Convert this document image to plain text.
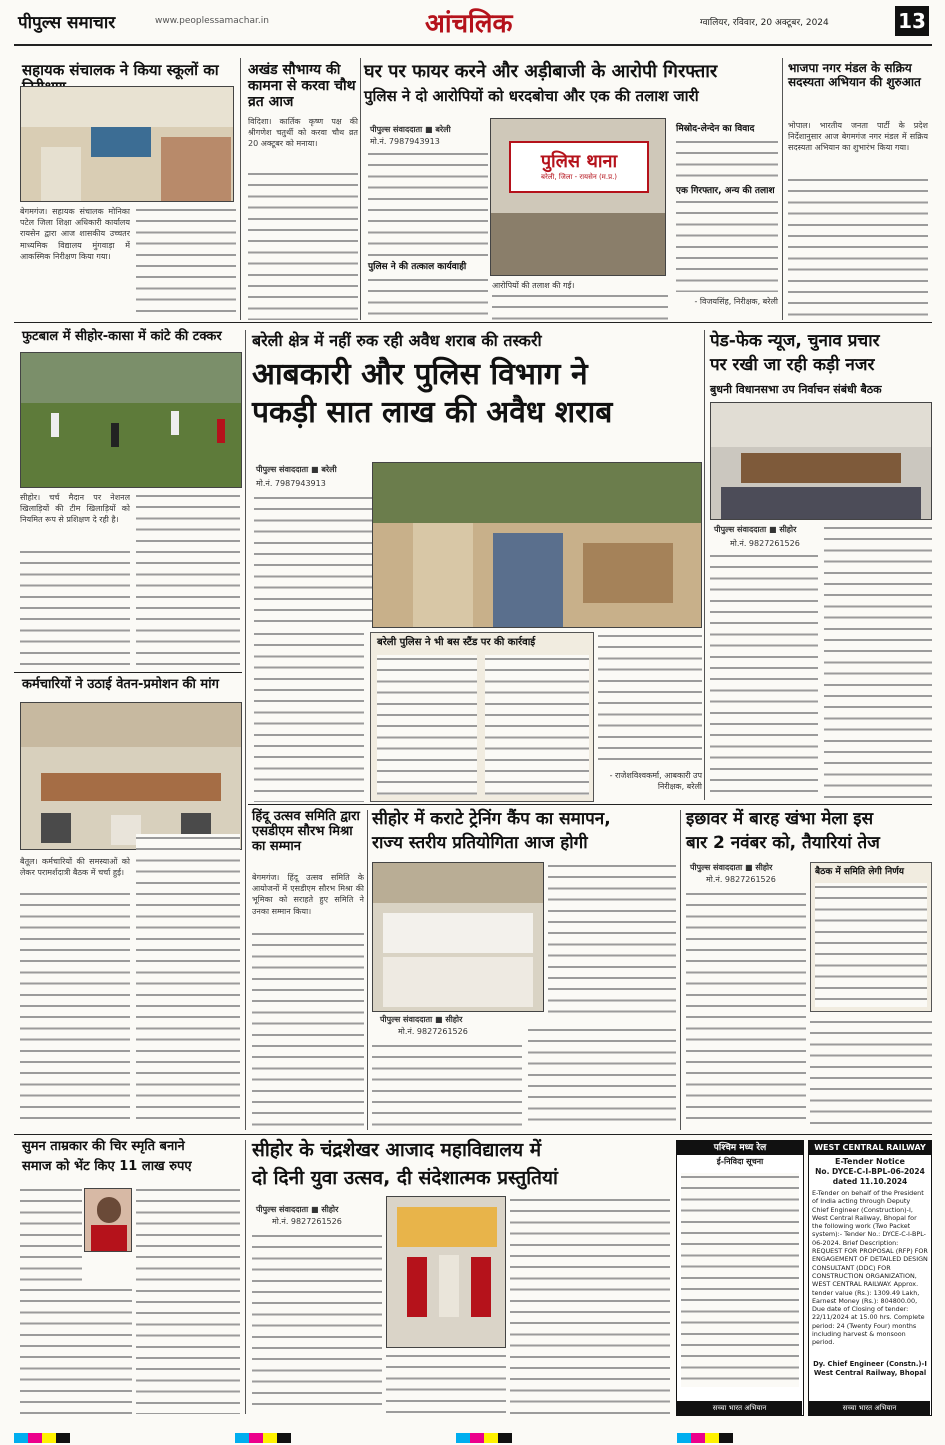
पीपुल्स समाचार	www.peoplessamachar.in	आंचलिक	ग्वालियर, रविवार, 20 अक्टूबर, 2024	13
सहायक संचालक ने किया स्कूलों का
बेगमगंज। सहायक संचालक मोनिका पटेल जिला शिक्षा अधिकारी कार्यालय रायसेन द्वारा आज शासकीय उच्चतर माध्यमिक विद्यालय मुंगवाड़ा में आकस्मिक निरीक्षण किया गया।
अखंड सौभाग्य की कामना से करवा चौथ व्रत आज
विदिशा। कार्तिक कृष्ण पक्ष की श्रीगणेश चतुर्थी को करवा चौथ व्रत 20 अक्टूबर को मनाया।
घर पर फायर करने और अड़ीबाजी के आरोपी गिरफ्तार
पुलिस ने दो आरोपियों को धरदबोचा और एक की तलाश जारी
पीपुल्स संवाददाता ■ बरेली
मो.नं. 7987943913
पुलिस ने की तत्काल कार्यवाही
पुलिस थाना
बरेली, जिला - रायसेन (म.प्र.)
आरोपियों की तलाश की गई।
मिस्रोद-लेन्देन का विवाद
एक गिरफ्तार, अन्य की तलाश
- विजयसिंह, निरीक्षक, बरेली
भाजपा नगर मंडल के सक्रिय सदस्यता अभियान की शुरुआत
भोपाल। भारतीय जनता पार्टी के प्रदेश निर्देशानुसार आज बेगमगंज नगर मंडल में सक्रिय सदस्यता अभियान का शुभारंभ किया गया।
फुटबाल में सीहोर-कासा में कांटे की टक्कर
सीहोर। चर्च मैदान पर नेशनल खिलाड़ियों की टीम खिलाड़ियों को नियमित रूप से प्रशिक्षण दे रही है।
कर्मचारियों ने उठाई वेतन-प्रमोशन की मांग
बैतूल। कर्मचारियों की समस्याओं को लेकर परामर्शदात्री बैठक में चर्चा हुई।
बरेली क्षेत्र में नहीं रुक रही अवैध शराब की तस्करी
आबकारी और पुलिस विभाग ने
पकड़ी सात लाख की अवैध शराब
पीपुल्स संवाददाता ■ बरेली
मो.नं. 7987943913
बरेली पुलिस ने भी बस स्टैंड पर की कार्रवाई
- राजेशविश्वकर्मा, आबकारी उप निरीक्षक, बरेली
पेड-फेक न्यूज, चुनाव प्रचार
पर रखी जा रही कड़ी नजर
बुधनी विधानसभा उप निर्वाचन संबंधी बैठक
पीपुल्स संवाददाता ■ सीहोर
मो.नं. 9827261526
हिंदू उत्सव समिति द्वारा एसडीएम सौरभ मिश्रा का सम्मान
बेगमगंज। हिंदू उत्सव समिति के आयोजनों में एसडीएम सौरभ मिश्रा की भूमिका को सराहते हुए समिति ने उनका सम्मान किया।
सीहोर में कराटे ट्रेनिंग कैंप का समापन,
राज्य स्तरीय प्रतियोगिता आज होगी
पीपुल्स संवाददाता ■ सीहोर
मो.नं. 9827261526
इछावर में बारह खंभा मेला इस
बार 2 नवंबर को, तैयारियां तेज
पीपुल्स संवाददाता ■ सीहोर
मो.नं. 9827261526
बैठक में समिति लेगी निर्णय
सुमन ताम्रकार की चिर स्मृति बनाने
समाज को भेंट किए 11 लाख रुपए
सीहोर के चंद्रशेखर आजाद महाविद्यालय में
दो दिनी युवा उत्सव, दी संदेशात्मक प्रस्तुतियां
पीपुल्स संवाददाता ■ सीहोर
मो.नं. 9827261526
पश्चिम मध्य रेल
ई-निविदा सूचना
सच्चा भारत अभियान
WEST CENTRAL RAILWAY
E-Tender Notice
No. DYCE-C-I-BPL-06-2024 dated 11.10.2024
E-Tender on behalf of the President of India acting through Deputy Chief Engineer (Construction)-I, West Central Railway, Bhopal for the following work (Two Packet system):- Tender No.: DYCE-C-I-BPL-06-2024. Brief Description: REQUEST FOR PROPOSAL (RFP) FOR ENGAGEMENT OF DETAILED DESIGN CONSULTANT (DDC) FOR CONSTRUCTION ORGANIZATION, WEST CENTRAL RAILWAY. Approx. tender value (Rs.): 1309.49 Lakh, Earnest Money (Rs.): 804800.00, Due date of Closing of tender: 22/11/2024 at 15.00 hrs. Complete period: 24 (Twenty Four) months including harvest & monsoon period.
Dy. Chief Engineer (Constn.)-I West Central Railway, Bhopal
सच्चा भारत अभियान
